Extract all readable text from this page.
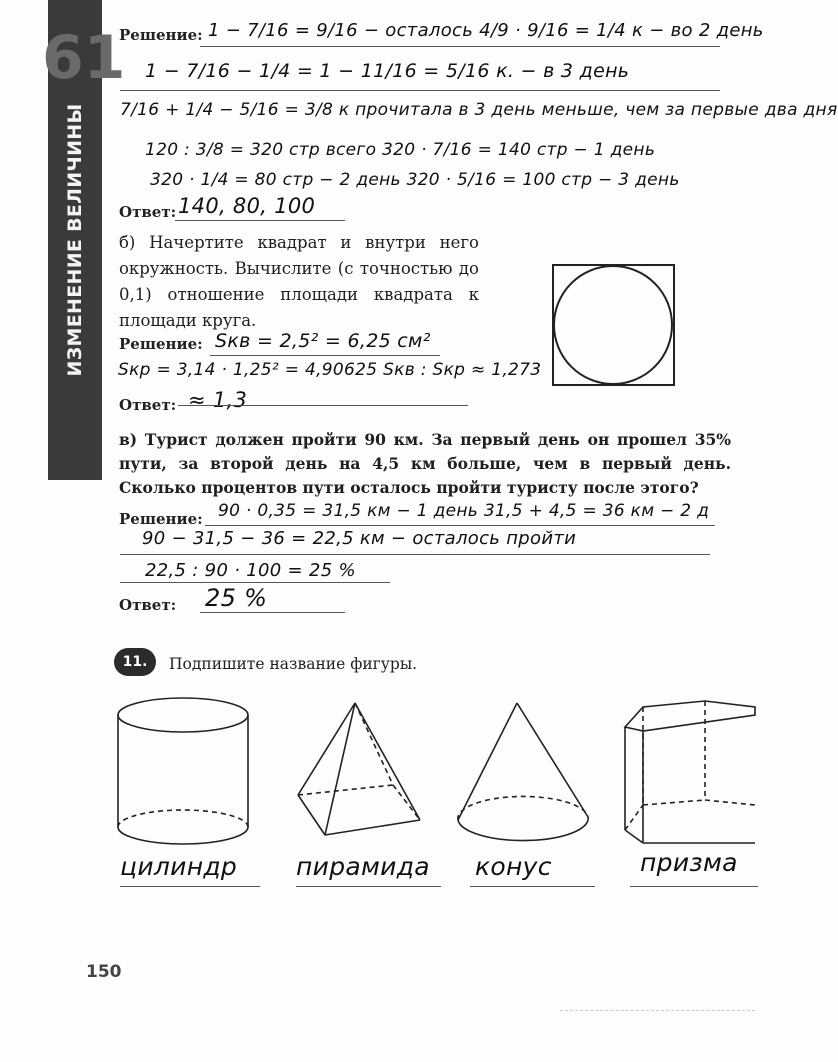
61
ИЗМЕНЕНИЕ ВЕЛИЧИНЫ
Решение: 1 − 7/16 = 9/16 − осталось 4/9 · 9/16 = 1/4 к − во 2 день
1 − 7/16 − 1/4 = 1 − 11/16 = 5/16 к. − в 3 день
7/16 + 1/4 − 5/16 = 3/8 к прочитала в 3 день меньше, чем за первые два дня
120 : 3/8 = 320 стр всего 320 · 7/16 = 140 стр − 1 день
320 · 1/4 = 80 стр − 2 день 320 · 5/16 = 100 стр − 3 день
Ответ: 140, 80, 100
б) Начертите квадрат и внутри него окружность. Вычислите (с точностью до 0,1) отношение площади квадрата к площади круга.
Решение: Sкв = 2,5² = 6,25 см²
Sкр = 3,14 · 1,25² = 4,90625 Sкв : Sкр ≈ 1,273
Ответ: ≈ 1,3
в) Турист должен пройти 90 км. За первый день он прошел 35% пути, за второй день на 4,5 км больше, чем в первый день. Сколько процентов пути осталось пройти туристу после этого?
Решение: 90 · 0,35 = 31,5 км − 1 день 31,5 + 4,5 = 36 км − 2 д
90 − 31,5 − 36 = 22,5 км − осталось пройти
22,5 : 90 · 100 = 25 %
Ответ: 25 %
11.	Подпишите название фигуры.
цилиндр пирамида конус	призма
150
